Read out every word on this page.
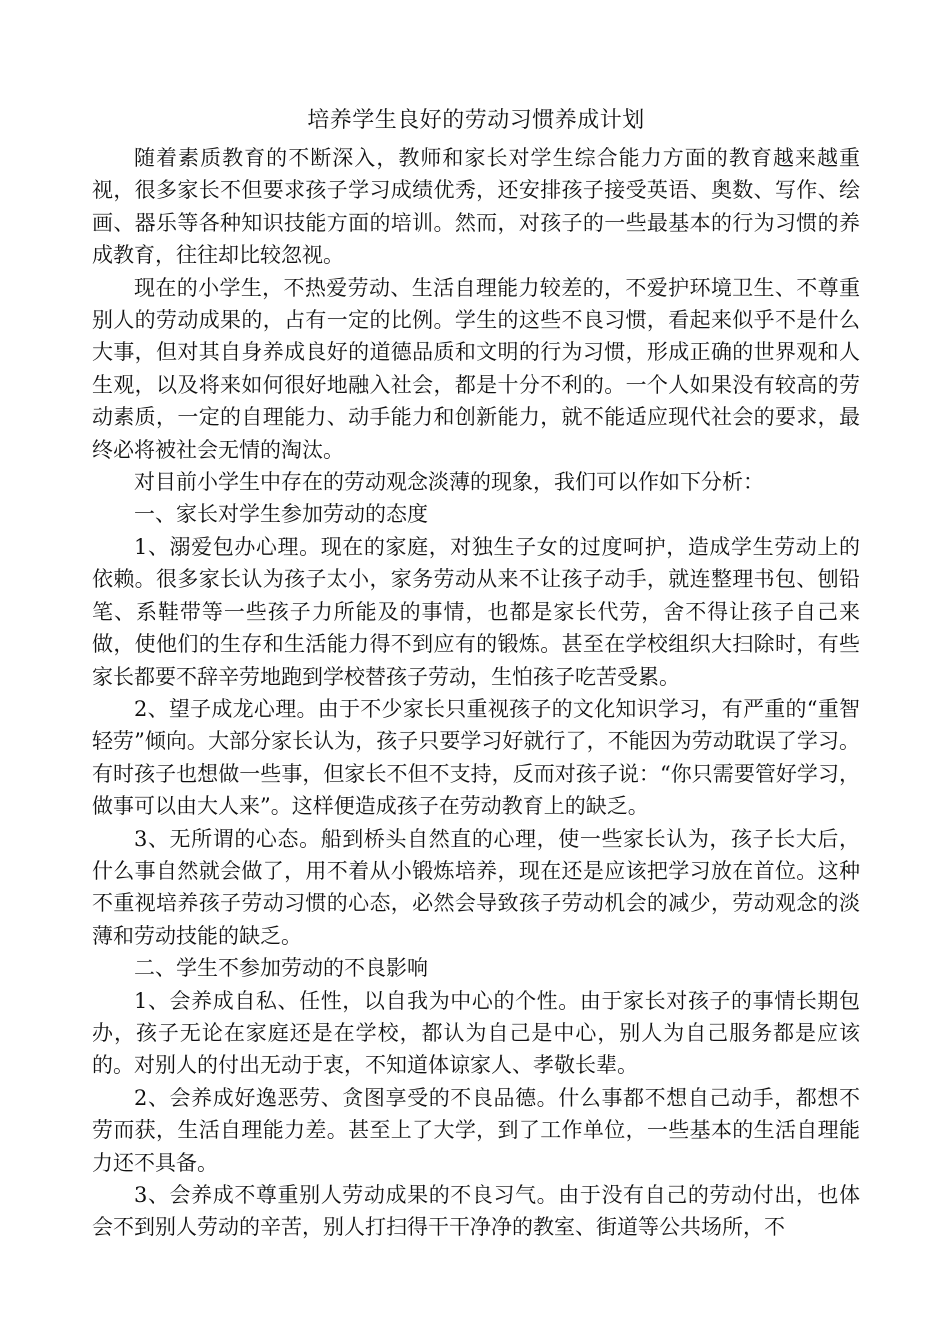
培养学生良好的劳动习惯养成计划

随着素质教育的不断深入，教师和家长对学生综合能力方面的教育越来越重视，很多家长不但要求孩子学习成绩优秀，还安排孩子接受英语、奥数、写作、绘画、器乐等各种知识技能方面的培训。然而，对孩子的一些最基本的行为习惯的养成教育，往往却比较忽视。

现在的小学生，不热爱劳动、生活自理能力较差的，不爱护环境卫生、不尊重别人的劳动成果的，占有一定的比例。学生的这些不良习惯，看起来似乎不是什么大事，但对其自身养成良好的道德品质和文明的行为习惯，形成正确的世界观和人生观，以及将来如何很好地融入社会，都是十分不利的。一个人如果没有较高的劳动素质，一定的自理能力、动手能力和创新能力，就不能适应现代社会的要求，最终必将被社会无情的淘汰。

对目前小学生中存在的劳动观念淡薄的现象，我们可以作如下分析：

一、家长对学生参加劳动的态度

1、溺爱包办心理。现在的家庭，对独生子女的过度呵护，造成学生劳动上的依赖。很多家长认为孩子太小，家务劳动从来不让孩子动手，就连整理书包、刨铅笔、系鞋带等一些孩子力所能及的事情，也都是家长代劳，舍不得让孩子自己来做，使他们的生存和生活能力得不到应有的锻炼。甚至在学校组织大扫除时，有些家长都要不辞辛劳地跑到学校替孩子劳动，生怕孩子吃苦受累。

2、望子成龙心理。由于不少家长只重视孩子的文化知识学习，有严重的“重智轻劳”倾向。大部分家长认为，孩子只要学习好就行了，不能因为劳动耽误了学习。有时孩子也想做一些事，但家长不但不支持，反而对孩子说：“你只需要管好学习，做事可以由大人来”。这样便造成孩子在劳动教育上的缺乏。

3、无所谓的心态。船到桥头自然直的心理，使一些家长认为，孩子长大后，什么事自然就会做了，用不着从小锻炼培养，现在还是应该把学习放在首位。这种不重视培养孩子劳动习惯的心态，必然会导致孩子劳动机会的减少，劳动观念的淡薄和劳动技能的缺乏。

二、学生不参加劳动的不良影响

1、会养成自私、任性，以自我为中心的个性。由于家长对孩子的事情长期包办，孩子无论在家庭还是在学校，都认为自己是中心，别人为自己服务都是应该的。对别人的付出无动于衷，不知道体谅家人、孝敬长辈。

2、会养成好逸恶劳、贪图享受的不良品德。什么事都不想自己动手，都想不劳而获，生活自理能力差。甚至上了大学，到了工作单位，一些基本的生活自理能力还不具备。

3、会养成不尊重别人劳动成果的不良习气。由于没有自己的劳动付出，也体会不到别人劳动的辛苦，别人打扫得干干净净的教室、街道等公共场所，不
